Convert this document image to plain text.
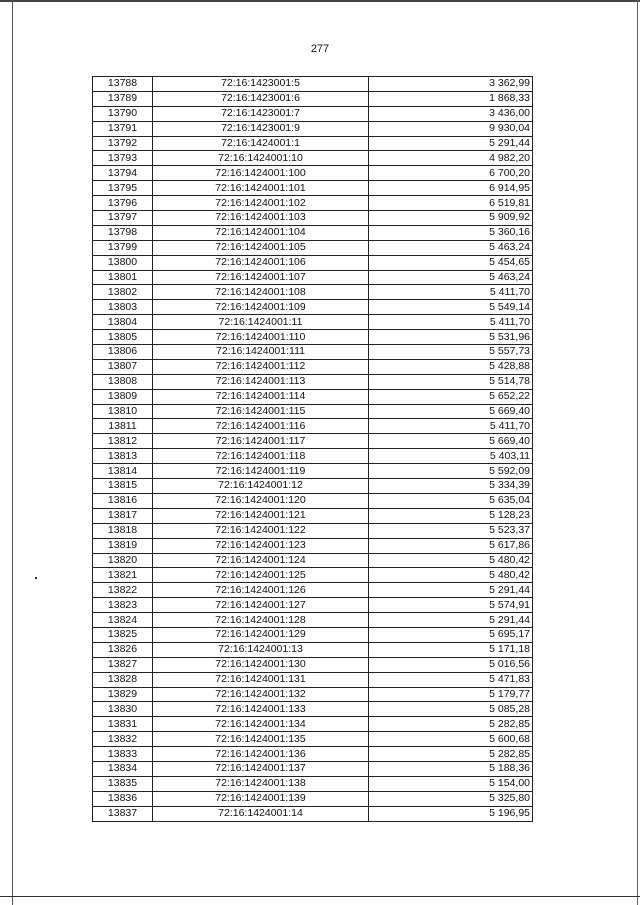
277
13788	72:16:1423001:5	3 362,99
13789	72:16:1423001:6	1 868,33
13790	72:16:1423001:7	3 436,00
13791	72:16:1423001:9	9 930,04
13792	72:16:1424001:1	5 291,44
13793	72:16:1424001:10	4 982,20
13794	72:16:1424001:100	6 700,20
13795	72:16:1424001:101	6 914,95
13796	72:16:1424001:102	6 519,81
13797	72:16:1424001:103	5 909,92
13798	72:16:1424001:104	5 360,16
13799	72:16:1424001:105	5 463,24
13800	72:16:1424001:106	5 454,65
13801	72:16:1424001:107	5 463,24
13802	72:16:1424001:108	5 411,70
13803	72:16:1424001:109	5 549,14
13804	72:16:1424001:11	5 411,70
13805	72:16:1424001:110	5 531,96
13806	72:16:1424001:111	5 557,73
13807	72:16:1424001:112	5 428,88
13808	72:16:1424001:113	5 514,78
13809	72:16:1424001:114	5 652,22
13810	72:16:1424001:115	5 669,40
13811	72:16:1424001:116	5 411,70
13812	72:16:1424001:117	5 669,40
13813	72:16:1424001:118	5 403,11
13814	72:16:1424001:119	5 592,09
13815	72:16:1424001:12	5 334,39
13816	72:16:1424001:120	5 635,04
13817	72:16:1424001:121	5 128,23
13818	72:16:1424001:122	5 523,37
13819	72:16:1424001:123	5 617,86
13820	72:16:1424001:124	5 480,42
13821	72:16:1424001:125	5 480,42
13822	72:16:1424001:126	5 291,44
13823	72:16:1424001:127	5 574,91
13824	72:16:1424001:128	5 291,44
13825	72:16:1424001:129	5 695,17
13826	72:16:1424001:13	5 171,18
13827	72:16:1424001:130	5 016,56
13828	72:16:1424001:131	5 471,83
13829	72:16:1424001:132	5 179,77
13830	72:16:1424001:133	5 085,28
13831	72:16:1424001:134	5 282,85
13832	72:16:1424001:135	5 600,68
13833	72:16:1424001:136	5 282,85
13834	72:16:1424001:137	5 188,36
13835	72:16:1424001:138	5 154,00
13836	72:16:1424001:139	5 325,80
13837	72:16:1424001:14	5 196,95
